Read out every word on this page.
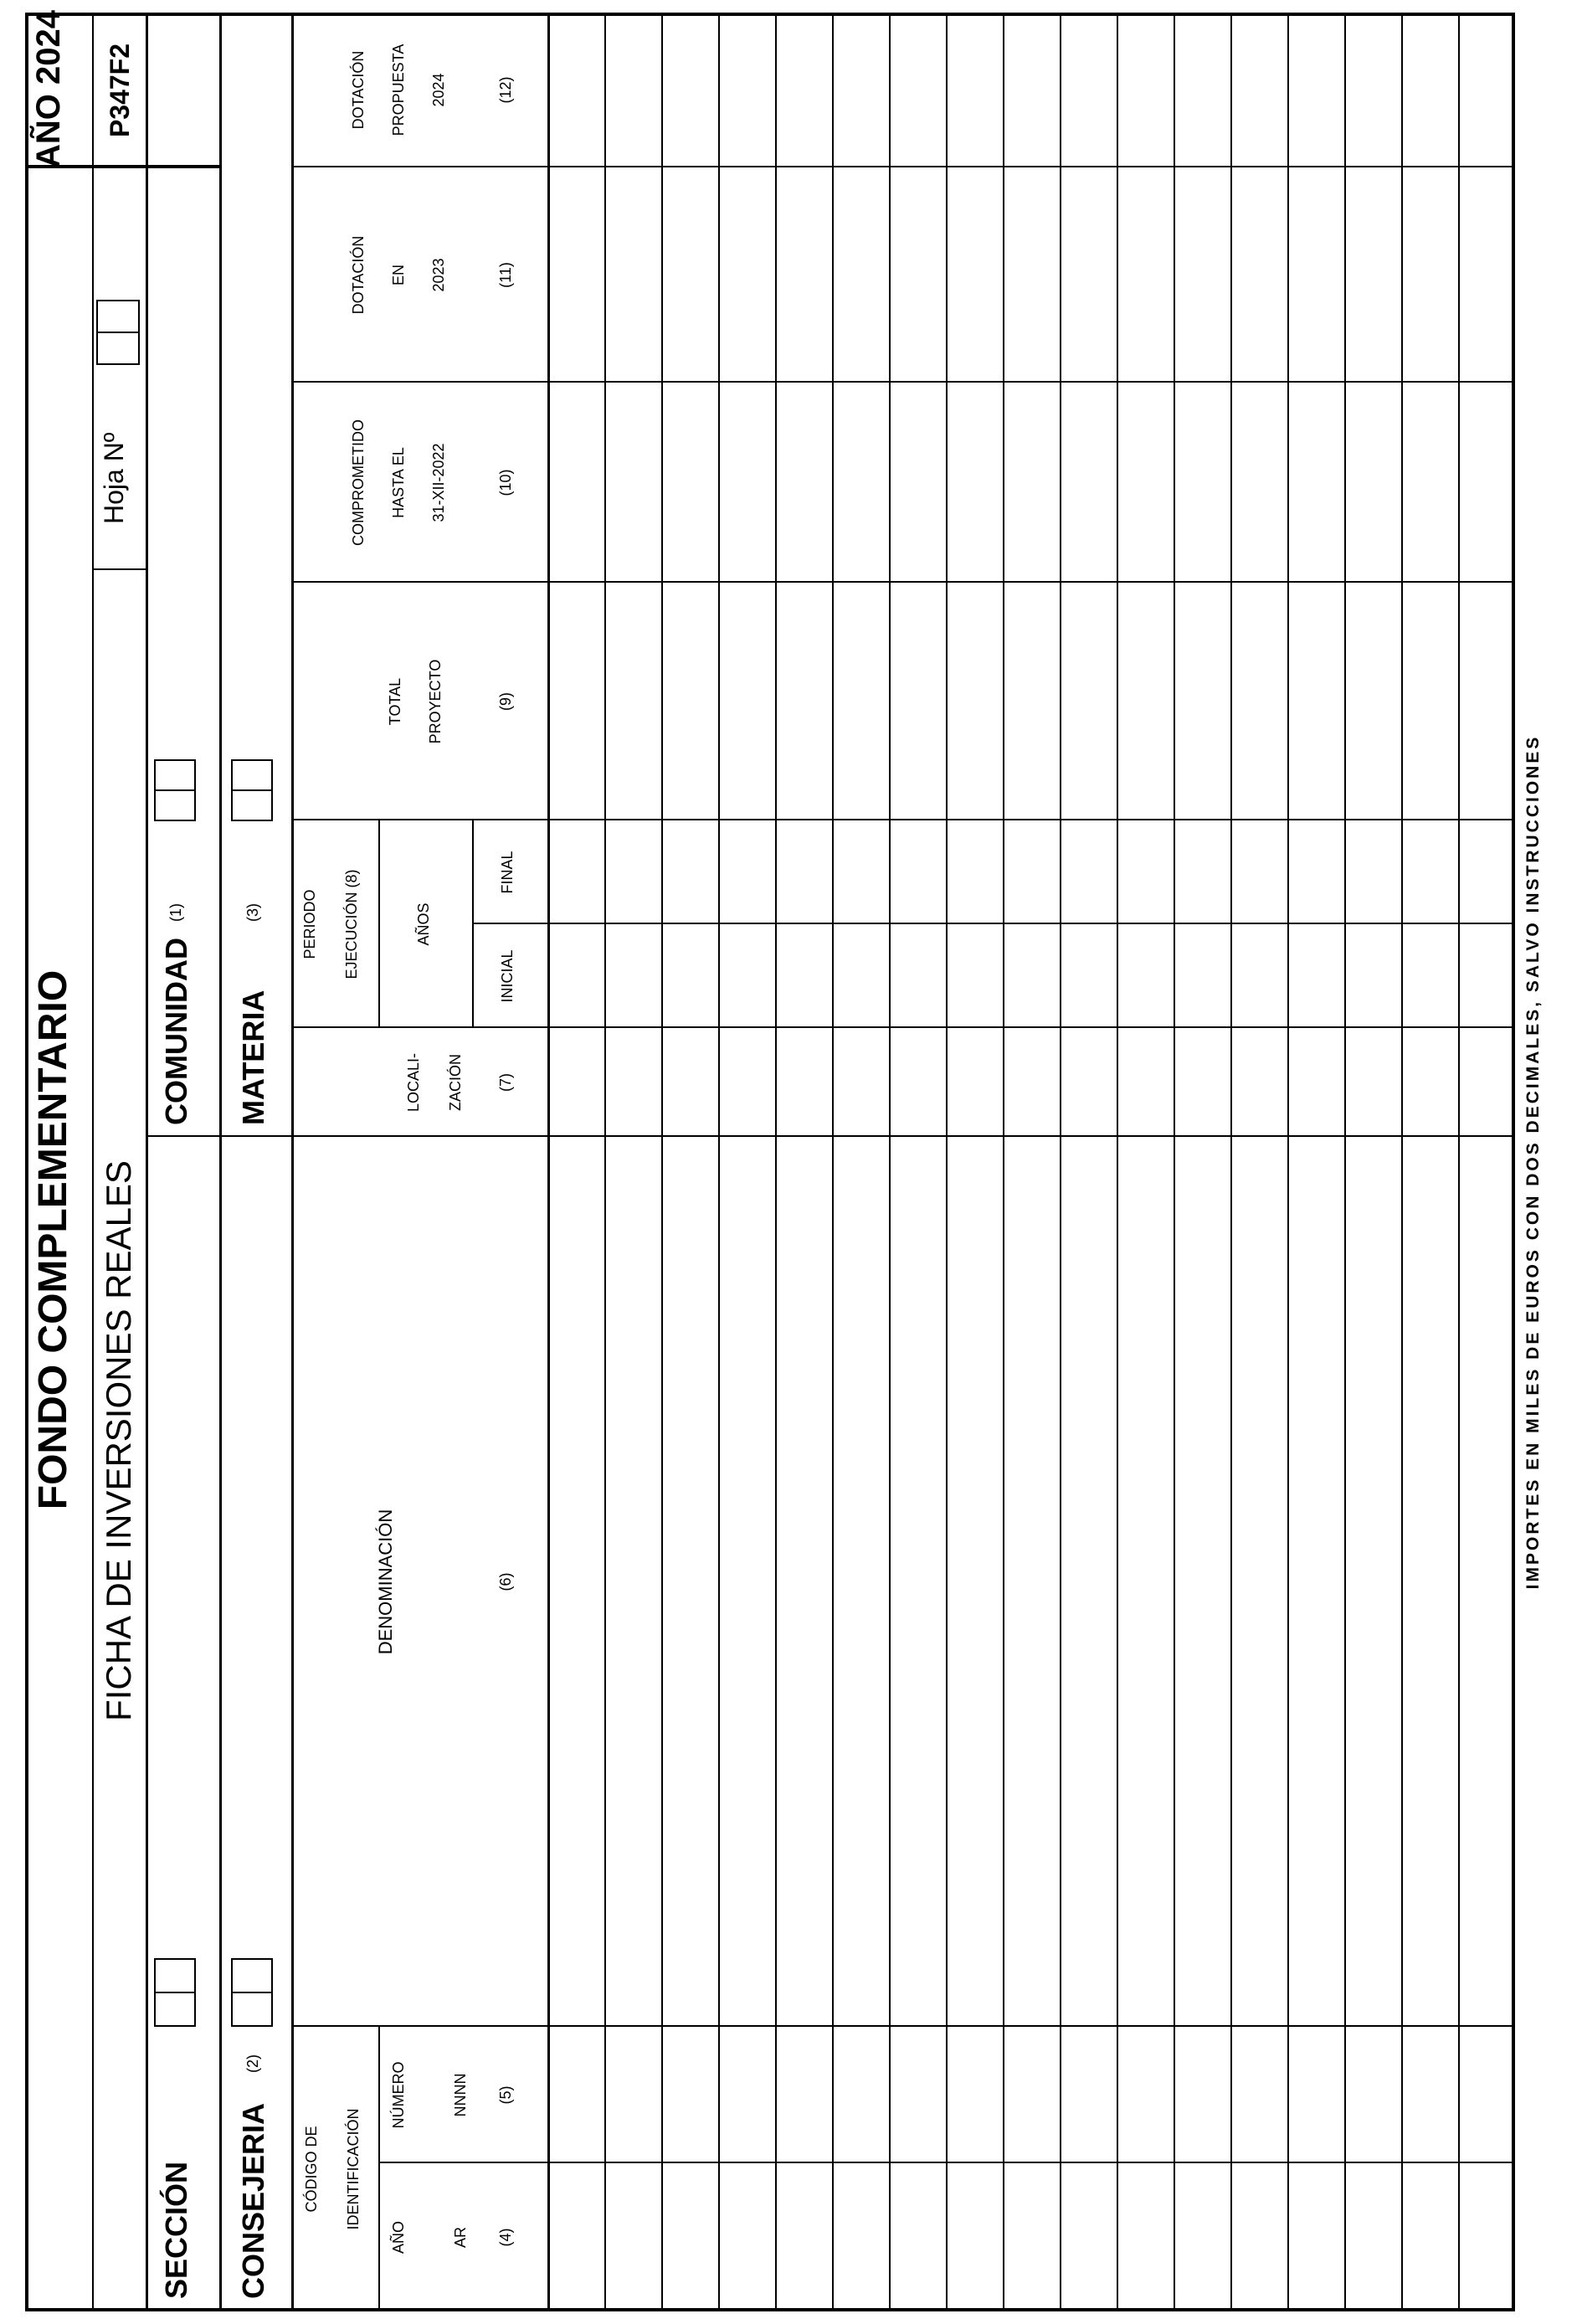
FONDO COMPLEMENTARIO
AÑO 2024 P347F2
FICHA DE INVERSIONES REALES
Hoja Nº
SECCIÓN
COMUNIDAD
(1)
CONSEJERIA
(2)
MATERIA
(3)
CÓDIGO DE IDENTIFICACIÓN
AÑO	AR (4)
NÚMERO	NNNN (5)
DENOMINACIÓN	(6)
LOCALI- ZACIÓN (7)
PERIODO EJECUCIÓN (8)	AÑOS
INICIAL
FINAL
TOTAL PROYECTO	(9)
COMPROMETIDO HASTA EL 31-XII-2022	(10)
DOTACIÓN EN 2023	(11)
DOTACIÓN PROPUESTA 2024	(12)
IMPORTES EN MILES DE EUROS CON DOS DECIMALES, SALVO INSTRUCCIONES
